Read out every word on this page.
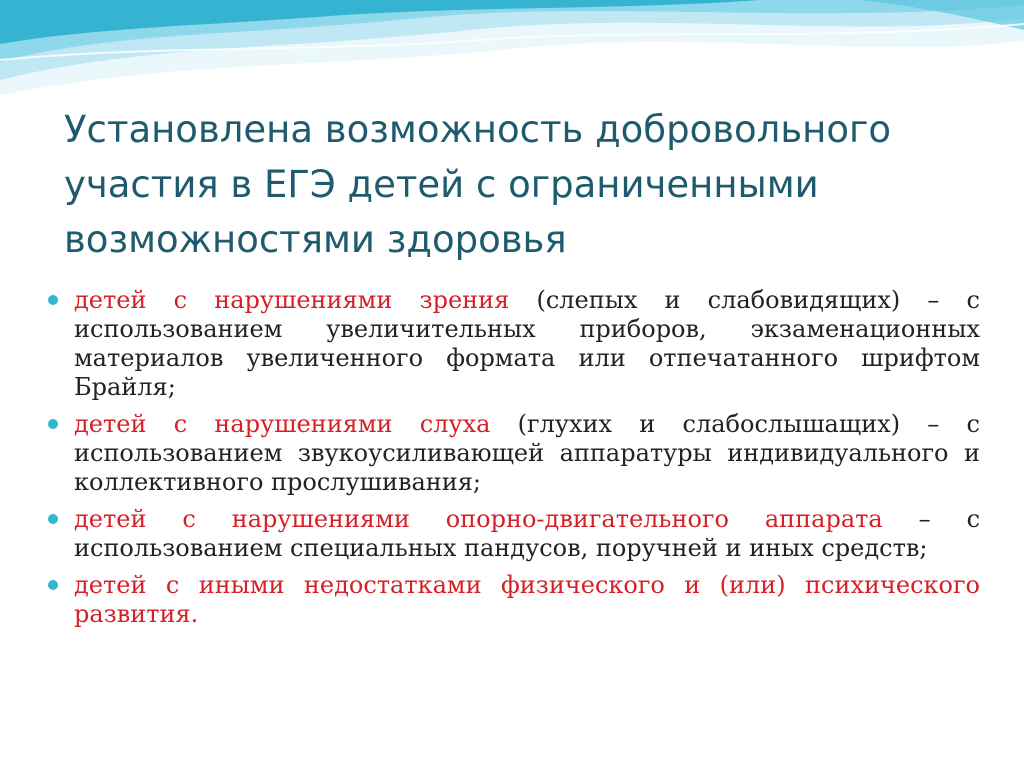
Установлена возможность добровольного участия в ЕГЭ детей с ограниченными возможностями здоровья
детей с нарушениями зрения (слепых и слабовидящих) – с использованием увеличительных приборов, экзаменационных материалов увеличенного формата или отпечатанного шрифтом Брайля;
детей с нарушениями слуха (глухих и слабослышащих) – с использованием звукоусиливающей аппаратуры индивидуального и коллективного прослушивания;
детей с нарушениями опорно-двигательного аппарата – с использованием специальных пандусов, поручней и иных средств;
детей с иными недостатками физического и (или) психического развития.
